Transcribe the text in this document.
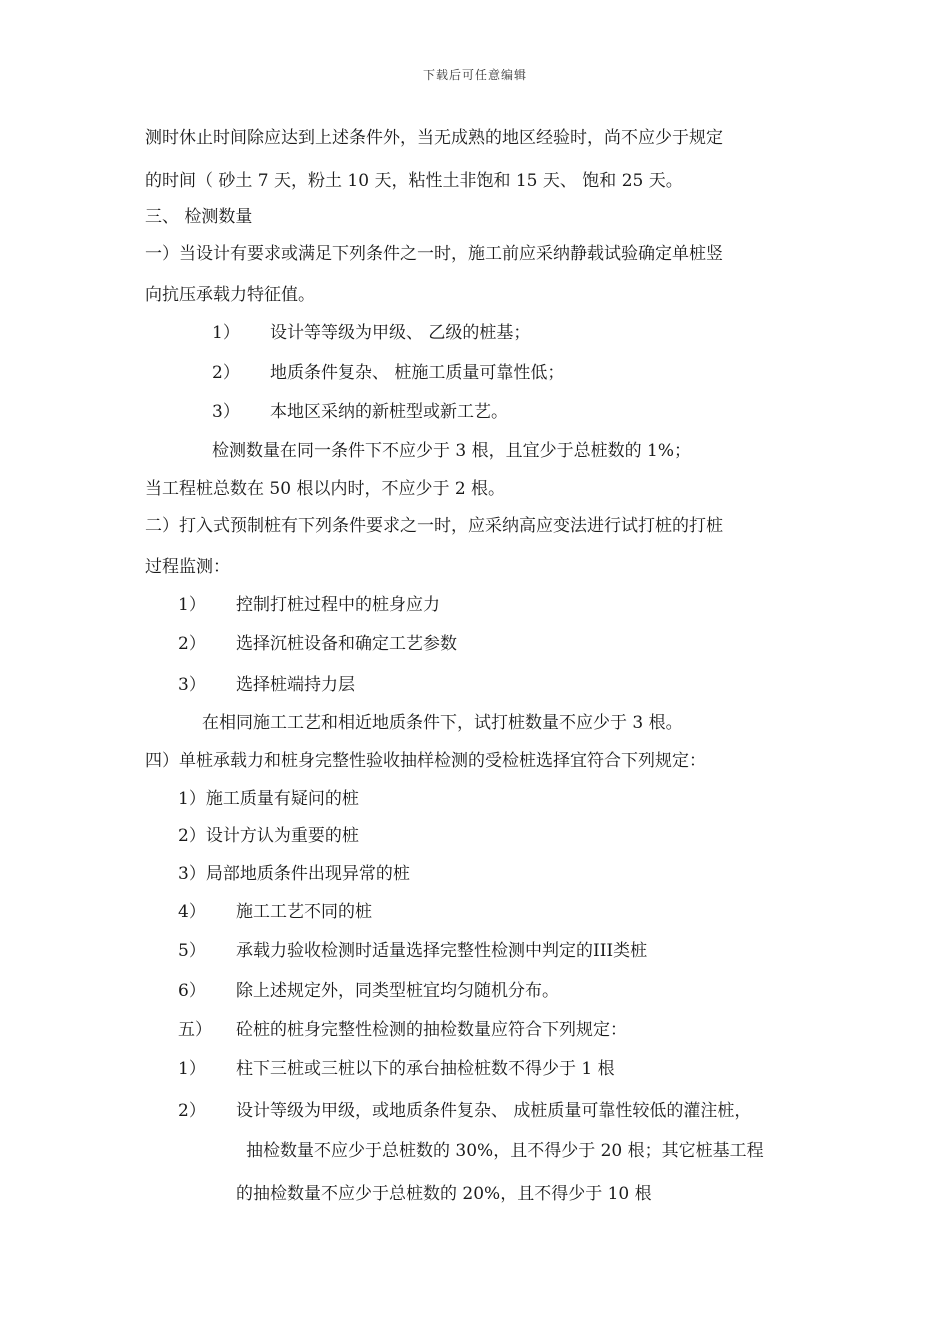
下载后可任意编辑
测时休止时间除应达到上述条件外，当无成熟的地区经验时，尚不应少于规定
的时间（ 砂土 7 天，粉土 10 天，粘性土非饱和 15 天、 饱和 25 天。
三、 检测数量
一）当设计有要求或满足下列条件之一时，施工前应采纳静载试验确定单桩竖
向抗压承载力特征值。
1） 设计等等级为甲级、 乙级的桩基；
2） 地质条件复杂、 桩施工质量可靠性低；
3） 本地区采纳的新桩型或新工艺。
检测数量在同一条件下不应少于 3 根，且宜少于总桩数的 1%；
当工程桩总数在 50 根以内时，不应少于 2 根。
二）打入式预制桩有下列条件要求之一时，应采纳高应变法进行试打桩的打桩
过程监测：
1） 控制打桩过程中的桩身应力
2） 选择沉桩设备和确定工艺参数
3） 选择桩端持力层
在相同施工工艺和相近地质条件下，试打桩数量不应少于 3 根。
四）单桩承载力和桩身完整性验收抽样检测的受检桩选择宜符合下列规定：
1）施工质量有疑问的桩
2）设计方认为重要的桩
3）局部地质条件出现异常的桩
4） 施工工艺不同的桩
5） 承载力验收检测时适量选择完整性检测中判定的III类桩
6） 除上述规定外，同类型桩宜均匀随机分布。
五） 砼桩的桩身完整性检测的抽检数量应符合下列规定：
1） 柱下三桩或三桩以下的承台抽检桩数不得少于 1 根
2） 设计等级为甲级，或地质条件复杂、 成桩质量可靠性较低的灌注桩，
抽检数量不应少于总桩数的 30%，且不得少于 20 根；其它桩基工程
的抽检数量不应少于总桩数的 20%，且不得少于 10 根
